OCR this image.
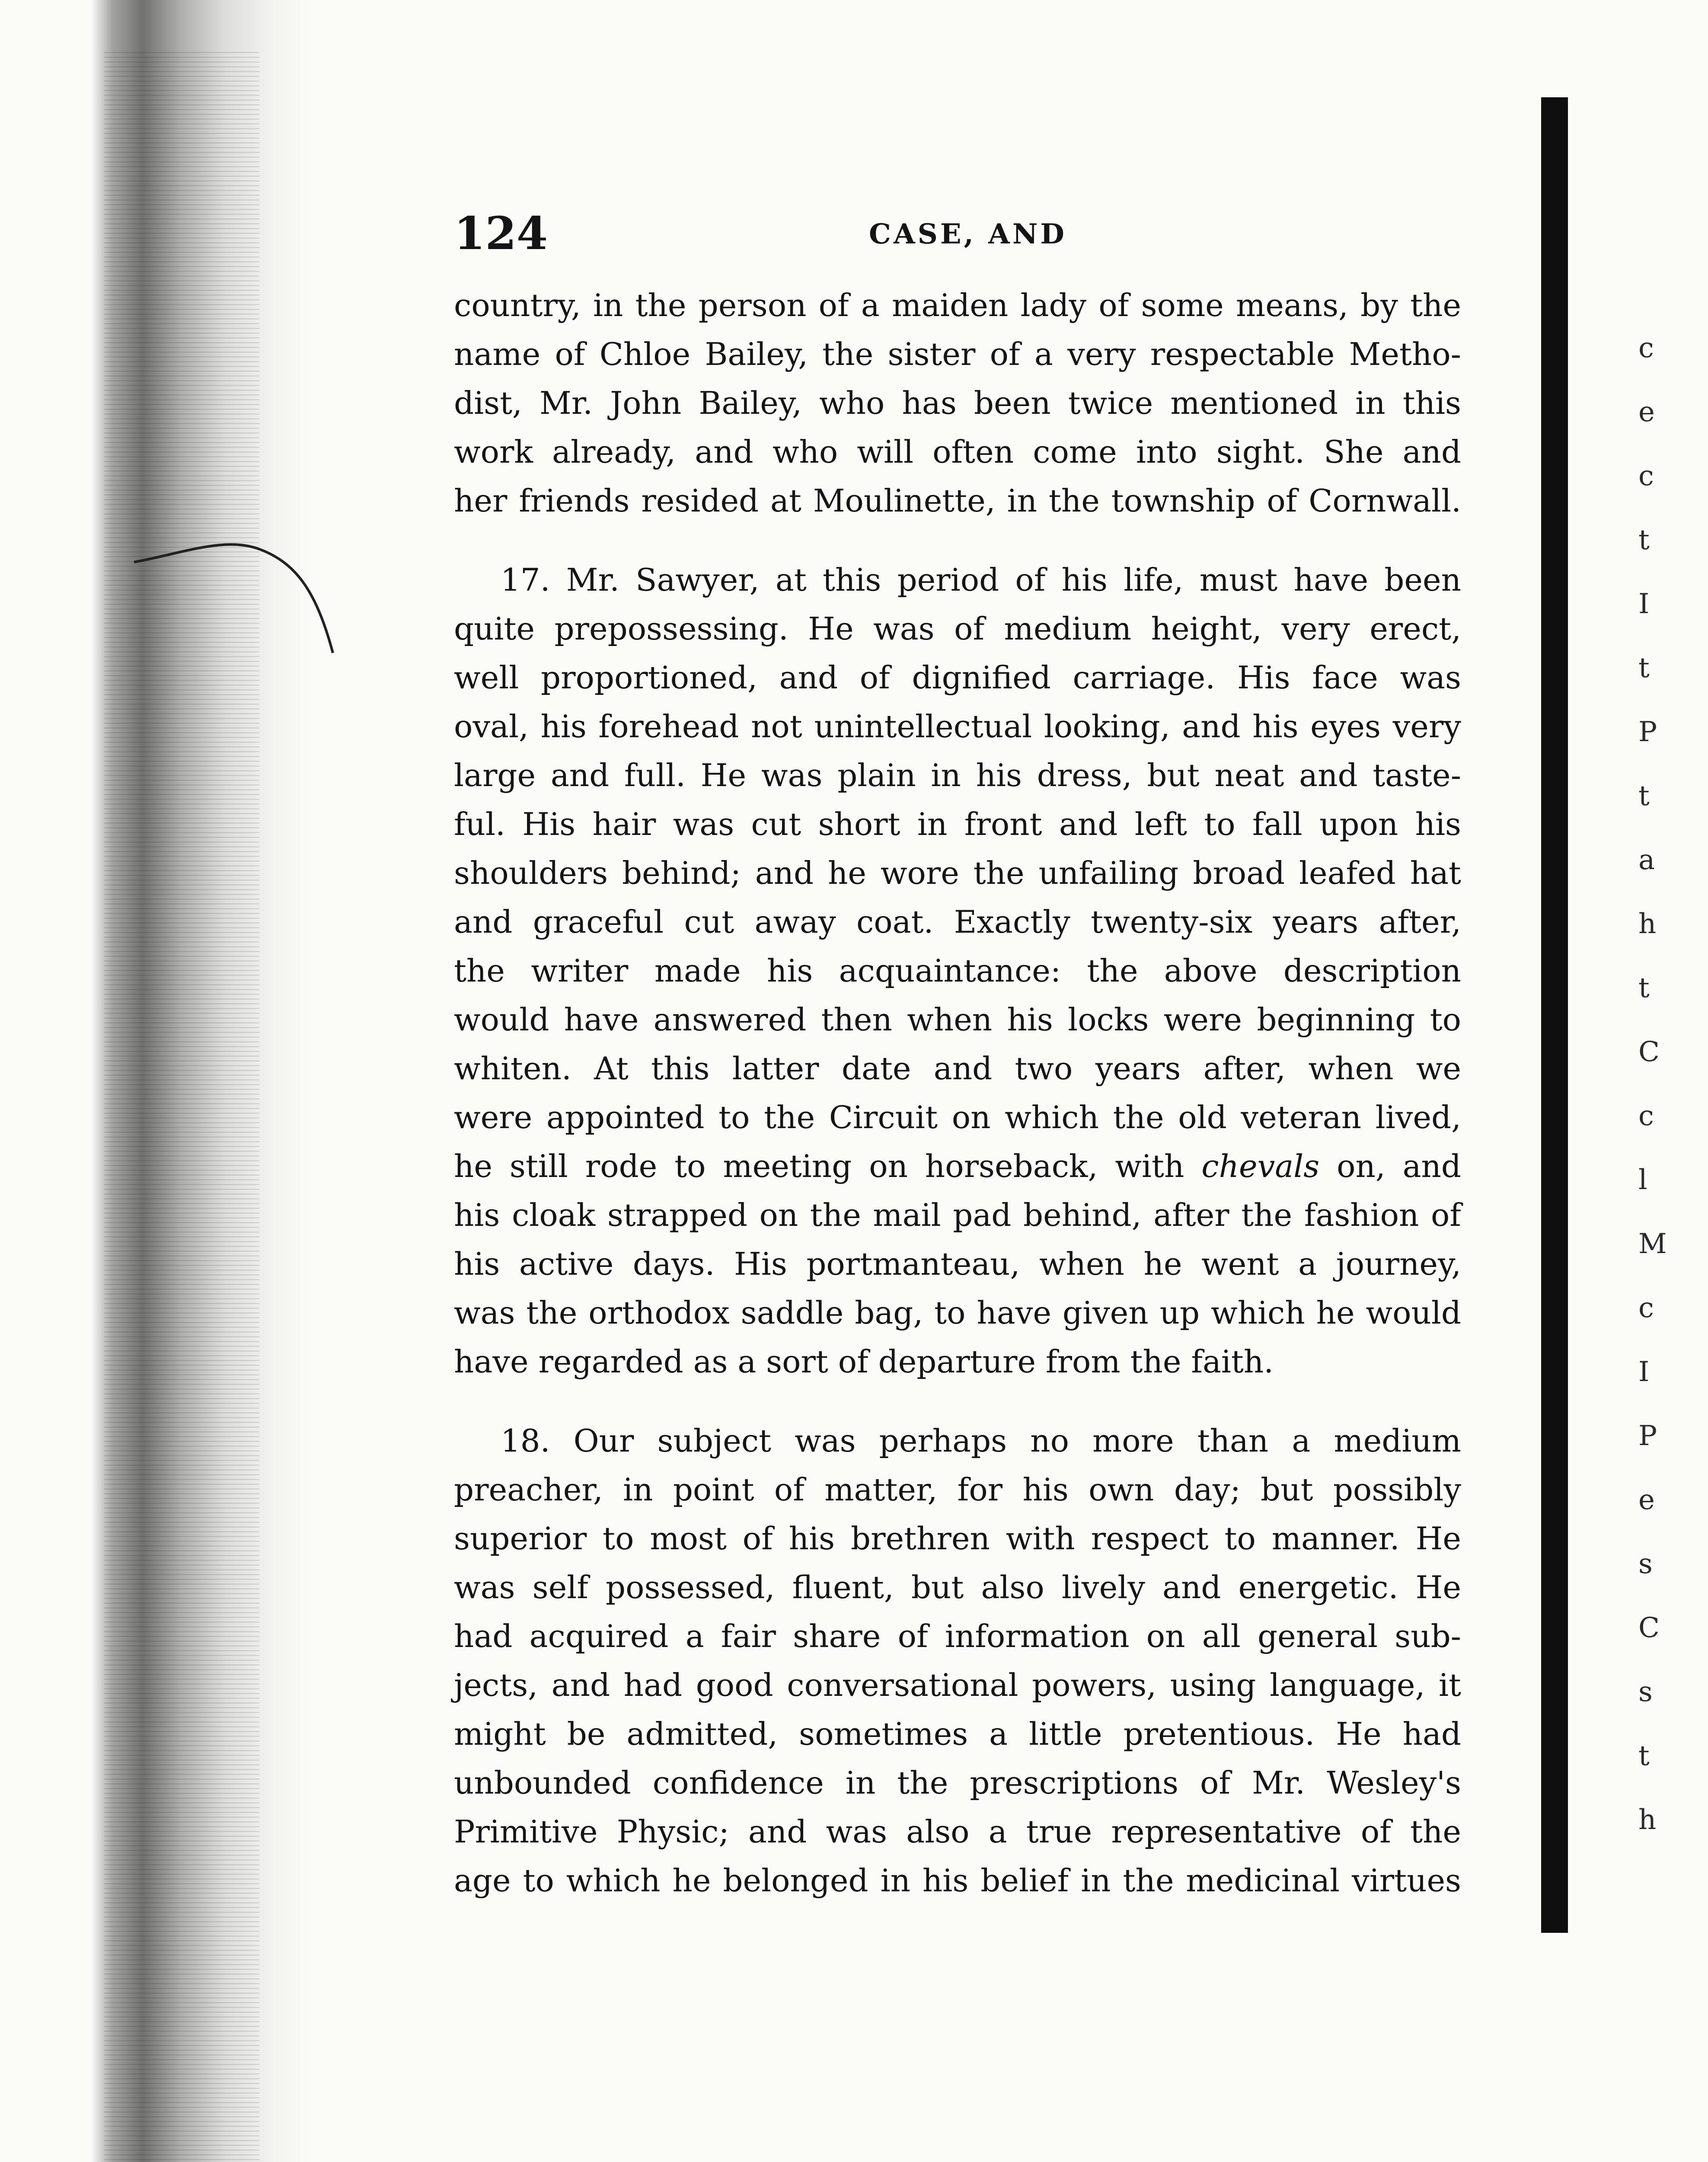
124	CASE, AND

country, in the person of a maiden lady of some means, by the
name of Chloe Bailey, the sister of a very respectable Metho-
dist, Mr. John Bailey, who has been twice mentioned in this
work already, and who will often come into sight. She and
her friends resided at Moulinette, in the township of Cornwall.

17. Mr. Sawyer, at this period of his life, must have been
quite prepossessing. He was of medium height, very erect,
well proportioned, and of dignified carriage. His face was
oval, his forehead not unintellectual looking, and his eyes very
large and full. He was plain in his dress, but neat and taste-
ful. His hair was cut short in front and left to fall upon his
shoulders behind; and he wore the unfailing broad leafed hat
and graceful cut away coat. Exactly twenty-six years after,
the writer made his acquaintance: the above description
would have answered then when his locks were beginning to
whiten. At this latter date and two years after, when we
were appointed to the Circuit on which the old veteran lived,
he still rode to meeting on horseback, with chevals on, and
his cloak strapped on the mail pad behind, after the fashion of
his active days. His portmanteau, when he went a journey,
was the orthodox saddle bag, to have given up which he would
have regarded as a sort of departure from the faith.

18. Our subject was perhaps no more than a medium
preacher, in point of matter, for his own day; but possibly
superior to most of his brethren with respect to manner. He
was self possessed, fluent, but also lively and energetic. He
had acquired a fair share of information on all general sub-
jects, and had good conversational powers, using language, it
might be admitted, sometimes a little pretentious. He had
unbounded confidence in the prescriptions of Mr. Wesley's
Primitive Physic; and was also a true representative of the
age to which he belonged in his belief in the medicinal virtues

c
e
c
t
I
t
P
t
a
h
t
C
c
l
M
c
I
P
e
s
C
s
t
h
